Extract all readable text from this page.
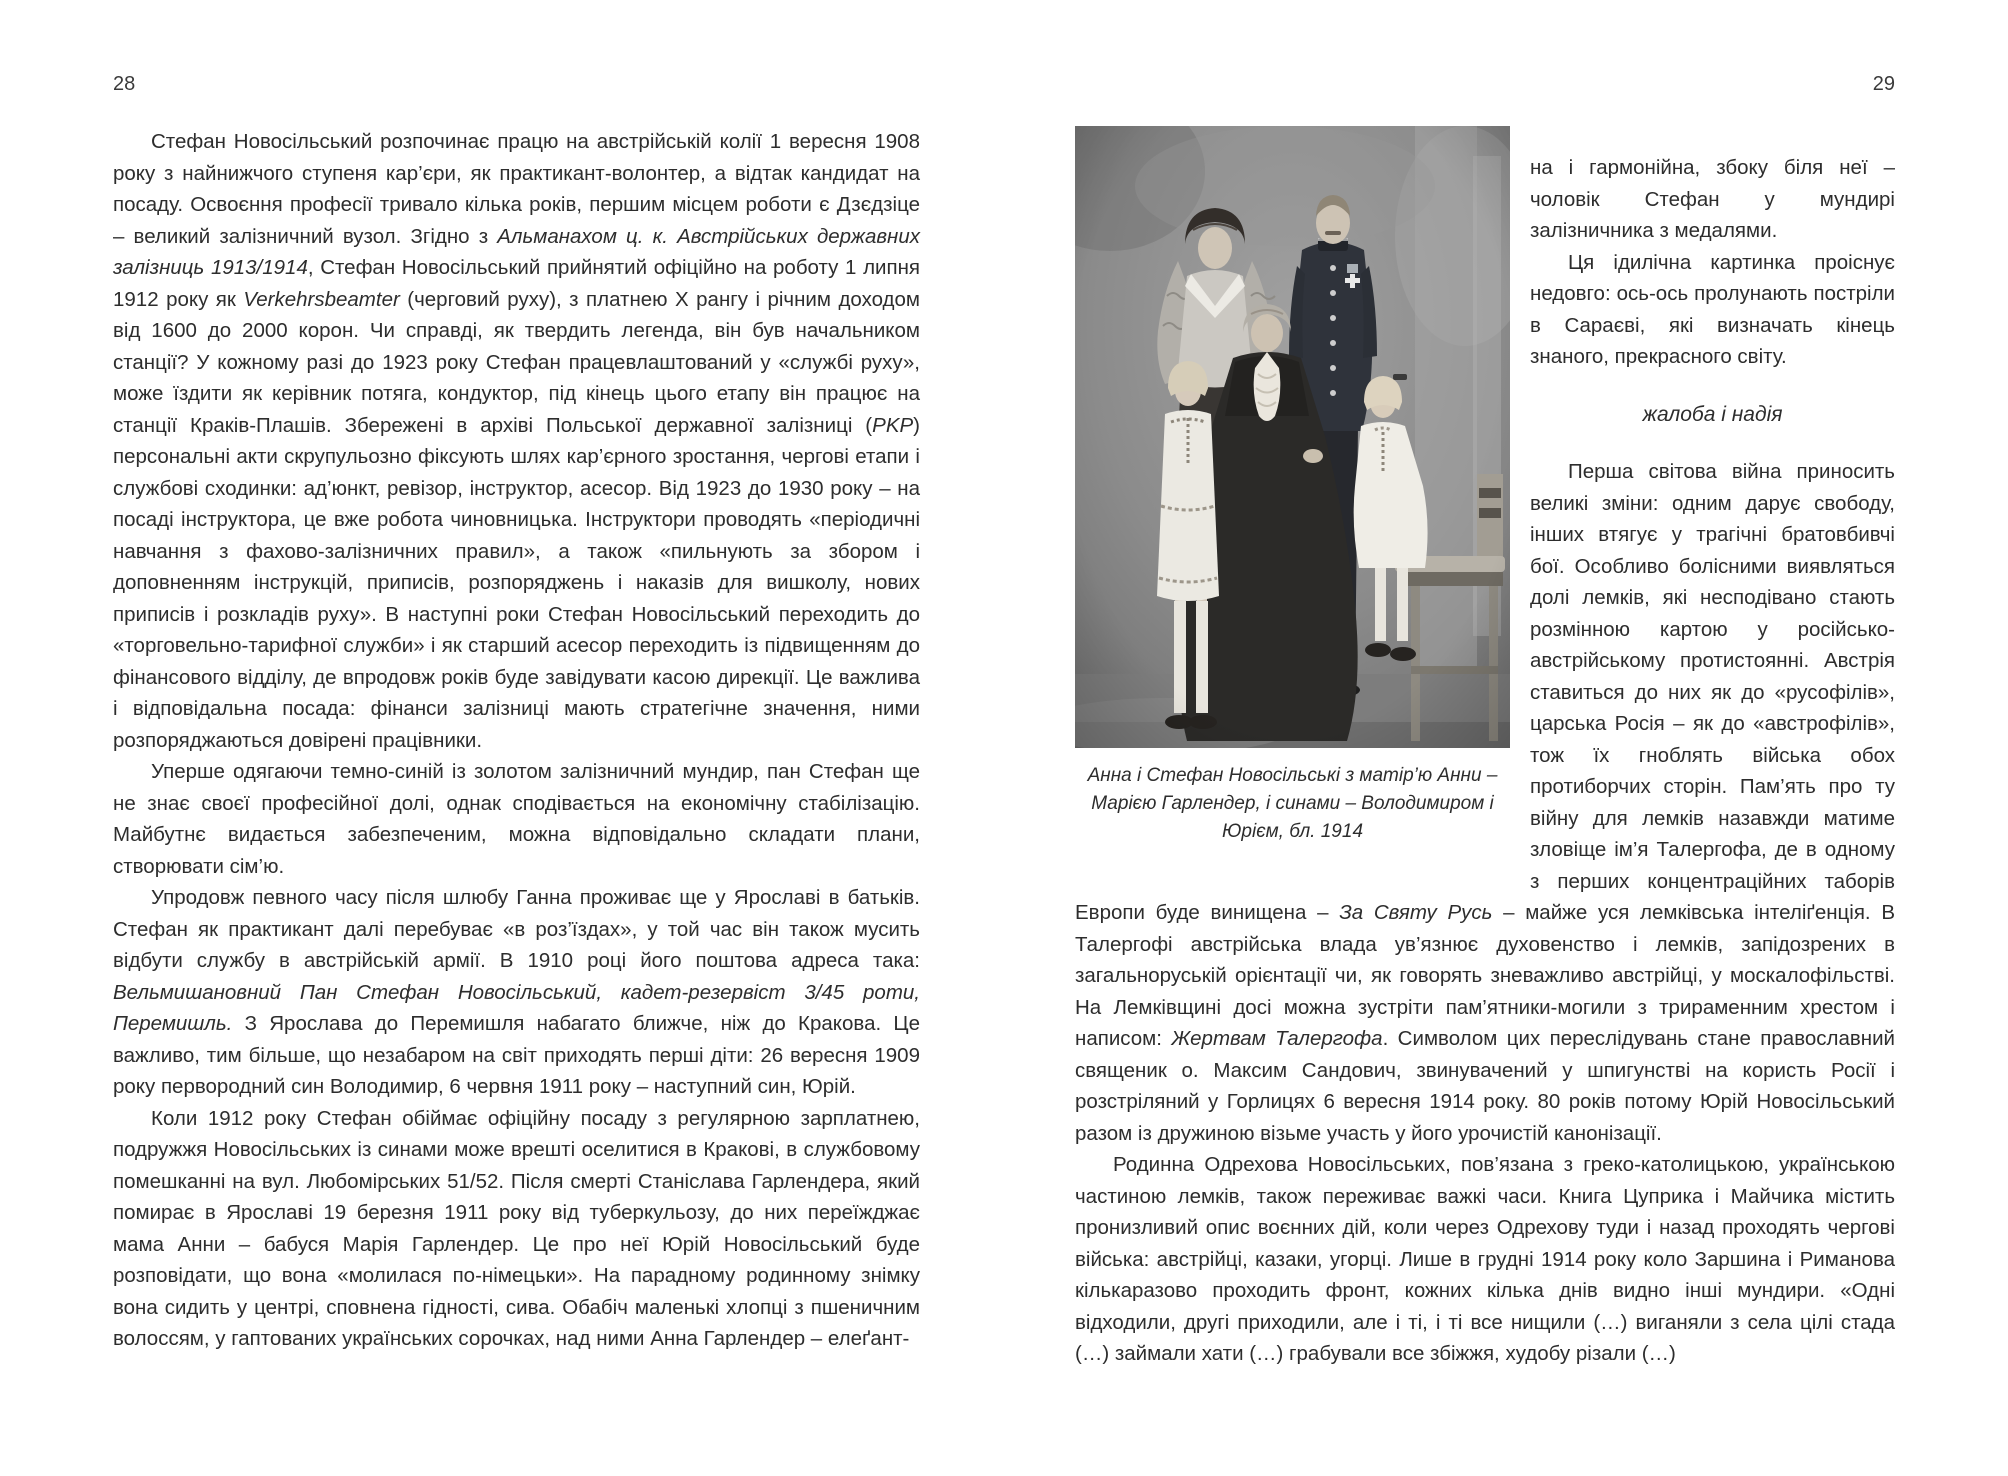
28

Стефан Новосільський розпочинає працю на австрійській колії 1 вересня 1908 року з найнижчого ступеня кар’єри, як практикант-волонтер, а відтак кандидат на посаду. Освоєння професії тривало кілька років, першим місцем роботи є Дзєдзіце – великий залізничний вузол. Згідно з Альманахом ц. к. Австрійських державних залізниць 1913/1914, Стефан Новосільський прийнятий офіційно на роботу 1 липня 1912 року як Verkehrsbeamter (черговий руху), з платнею X рангу і річним доходом від 1600 до 2000 корон. Чи справді, як твердить легенда, він був начальником станції? У кожному разі до 1923 року Стефан працевлаштований у «службі руху», може їздити як керівник потяга, кондуктор, під кінець цього етапу він працює на станції Краків-Плашів. Збережені в архіві Польської державної залізниці (PKP) персональні акти скрупульозно фіксують шлях кар’єрного зростання, чергові етапи і службові сходинки: ад’юнкт, ревізор, інструктор, асесор. Від 1923 до 1930 року – на посаді інструктора, це вже робота чиновницька. Інструктори проводять «періодичні навчання з фахово-залізничних правил», а також «пильнують за збором і доповненням інструкцій, приписів, розпоряджень і наказів для вишколу, нових приписів і розкладів руху». В наступні роки Стефан Новосільський переходить до «торговельно-тарифної служби» і як старший асесор переходить із підвищенням до фінансового відділу, де впродовж років буде завідувати касою дирекції. Це важлива і відповідальна посада: фінанси залізниці мають стратегічне значення, ними розпоряджаються довірені працівники.

Уперше одягаючи темно-синій із золотом залізничний мундир, пан Стефан ще не знає своєї професійної долі, однак сподівається на економічну стабілізацію. Майбутнє видається забезпеченим, можна відповідально складати плани, створювати сім’ю.

Упродовж певного часу після шлюбу Ганна проживає ще у Ярославі в батьків. Стефан як практикант далі перебуває «в роз’їздах», у той час він також мусить відбути службу в австрійській армії. В 1910 році його поштова адреса така: Вельмишановний Пан Стефан Новосільський, кадет-резервіст 3/45 роти, Перемишль. З Ярослава до Перемишля набагато ближче, ніж до Кракова. Це важливо, тим більше, що незабаром на світ приходять перші діти: 26 вересня 1909 року первородний син Володимир, 6 червня 1911 року – наступний син, Юрій.

Коли 1912 року Стефан обіймає офіційну посаду з регулярною зарплатнею, подружжя Новосільських із синами може врешті оселитися в Кракові, в службовому помешканні на вул. Любомірських 51/52. Після смерті Станіслава Гарлендера, який помирає в Ярославі 19 березня 1911 року від туберкульозу, до них переїжджає мама Анни – бабуся Марія Гарлендер. Це про неї Юрій Новосільський буде розповідати, що вона «молилася по-німецьки». На парадному родинному знімку вона сидить у центрі, сповнена гідності, сива. Обабіч маленькі хлопці з пшеничним волоссям, у гаптованих українських сорочках, над ними Анна Гарлендер – елеґант-

29
Анна і Стефан Новосільські з матір’ю Анни – Марією Гарлендер, і синами – Володимиром і Юрієм, бл. 1914

на і гармонійна, збоку біля неї – чоловік Стефан у мундирі залізничника з медалями.

Ця ідилічна картинка проіснує недовго: ось-ось пролунають постріли в Сараєві, які визначать кінець знаного, прекрасного світу.

жалоба і надія

Перша світова війна приносить великі зміни: одним дарує свободу, інших втягує у трагічні братовбивчі бої. Особливо болісними виявляться долі лемків, які несподівано стають розмінною картою у російсько-австрійському протистоянні. Австрія ставиться до них як до «русофілів», царська Росія – як до «австрофілів», тож їх гноблять війська обох протиборчих сторін. Пам’ять про ту війну для лемків назавжди матиме зловіще ім’я Талергофа, де в одному з перших концентраційних таборів Европи буде винищена – За Святу Русь – майже уся лемківська інтеліґенція. В Талергофі австрійська влада ув’язнює духовенство і лемків, запідозрених в загальноруській орієнтації чи, як говорять зневажливо австрійці, у москалофільстві. На Лемківщині досі можна зустріти пам’ятники-могили з трираменним хрестом і написом: Жертвам Талергофа. Символом цих переслідувань стане православний священик о. Максим Сандович, звинувачений у шпигунстві на користь Росії і розстріляний у Горлицях 6 вересня 1914 року. 80 років потому Юрій Новосільський разом із дружиною візьме участь у його урочистій канонізації.

Родинна Одрехова Новосільських, пов’язана з греко-католицькою, українською частиною лемків, також переживає важкі часи. Книга Цуприка і Майчика містить пронизливий опис воєнних дій, коли через Одрехову туди і назад проходять чергові війська: австрійці, казаки, угорці. Лише в грудні 1914 року коло Заршина і Риманова кількаразово проходить фронт, кожних кілька днів видно інші мундири. «Одні відходили, другі приходили, але і ті, і ті все нищили (…) виганяли з села цілі стада (…) займали хати (…) грабували все збіжжя, худобу різали (…)
